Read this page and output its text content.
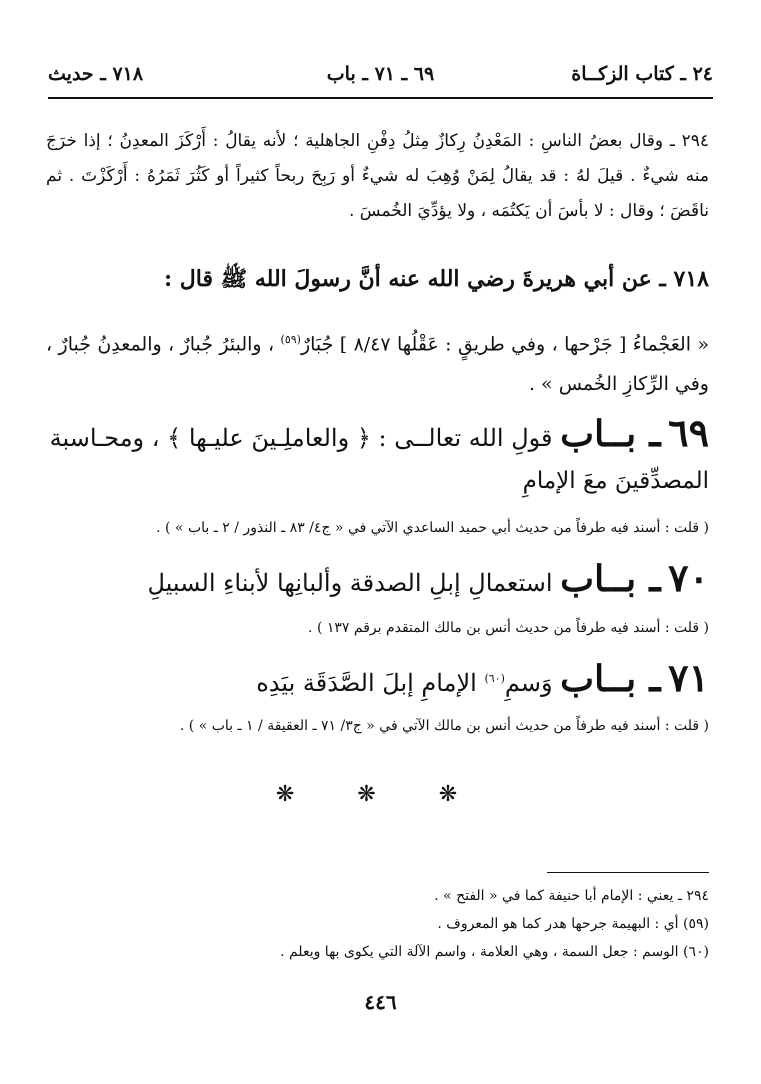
٢٤ ـ كتاب الزكــاة
٦٩ ـ ٧١ ـ باب
٧١٨ ـ حديث
٢٩٤ ـ وقال بعضُ الناسِ : المَعْدِنُ رِكازٌ مِثلُ دِفْنِ الجاهلية ؛ لأنه يقالُ : أَرْكَزَ المعدِنُ ؛ إذا خرَجَ منه شيءٌ . قيلَ لهُ : قد يقالُ لِمَنْ وُهِبَ له شيءٌ أو رَبِحَ ربحاً كثيراً أو كَثُرَ ثَمَرُهُ : أَرْكَزْتَ . ثم ناقَضَ ؛ وقال : لا بأسَ أن يَكتُمَه ، ولا يؤدِّيَ الخُمسَ .
٧١٨ ـ عن أبي هريرةَ رضي الله عنه أنَّ رسولَ الله ﷺ قال :
« العَجْماءُ [ جَرْحها ، وفي طريقٍ : عَقْلُها ٨/٤٧ ] جُبَارٌ$^{(٥٩)}$ ، والبئرُ جُبارٌ ، والمعدِنُ جُبارٌ ، وفي الرِّكازِ الخُمس » .
٦٩ ـ بــاب قولِ الله تعالــى : ﴿ والعاملِـينَ عليـها ﴾ ، ومحـاسبة
المصدِّقينَ معَ الإمامِ
( قلت : أسند فيه طرفاً من حديث أبي حميد الساعدي الآتي في « ج٤/ ٨٣ ـ النذور / ٢ ـ باب » ) .
٧٠ ـ بــاب استعمالِ إبلِ الصدقة وألبانِها لأبناءِ السبيلِ
( قلت : أسند فيه طرفاً من حديث أنس بن مالك المتقدم برقم ١٣٧ ) .
٧١ ـ بــاب وَسمِ$^{(٦٠)}$ الإمامِ إبلَ الصَّدَقَة بيَدِه
( قلت : أسند فيه طرفاً من حديث أنس بن مالك الآتي في « ج٣/ ٧١ ـ العقيقة / ١ ـ باب » ) .
❋ ❋ ❋
٢٩٤ ـ يعني : الإمام أبا حنيفة كما في « الفتح » .
(٥٩) أي : البهيمة جرحها هدر كما هو المعروف .
(٦٠) الوسم : جعل السمة ، وهي العلامة ، واسم الآلة التي يكوى بها ويعلم .
٤٤٦
